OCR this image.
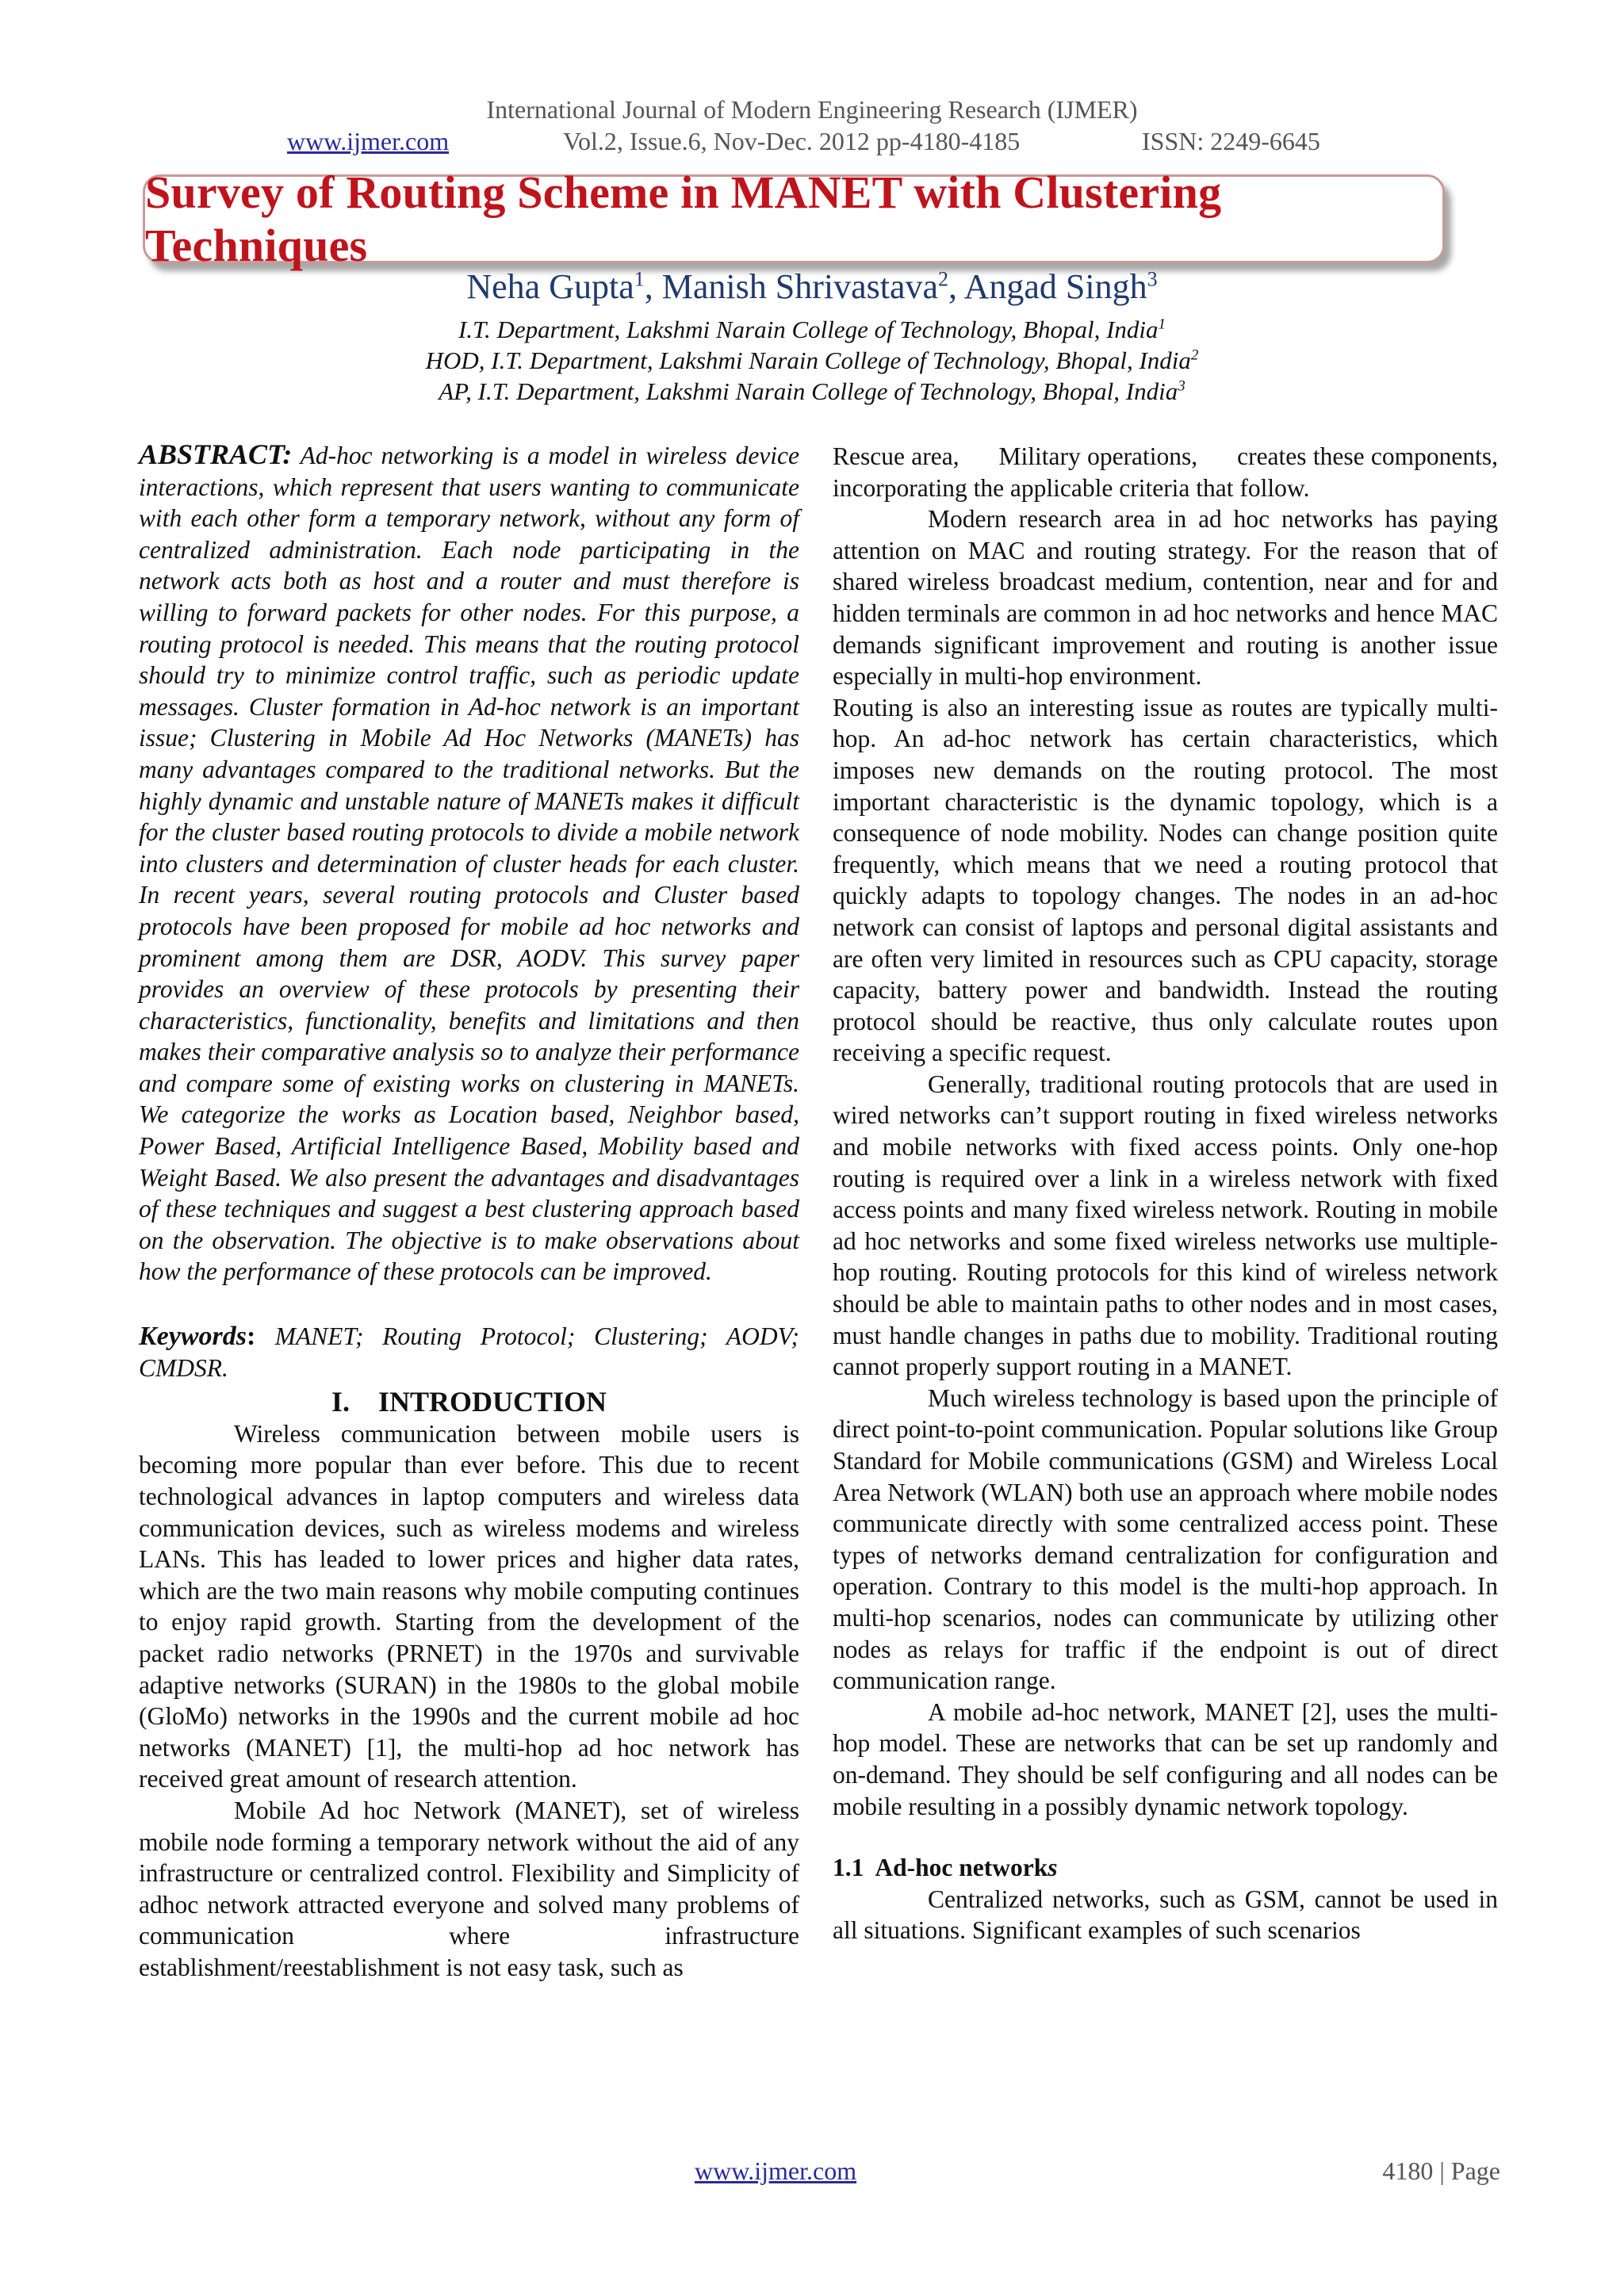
International Journal of Modern Engineering Research (IJMER)
www.ijmer.com	Vol.2, Issue.6, Nov-Dec. 2012 pp-4180-4185	ISSN: 2249-6645
Survey of Routing Scheme in MANET with Clustering Techniques
Neha Gupta$^1$, Manish Shrivastava$^2$, Angad Singh$^3$
I.T. Department, Lakshmi Narain College of Technology, Bhopal, India$^1$
HOD, I.T. Department, Lakshmi Narain College of Technology, Bhopal, India$^2$
AP, I.T. Department, Lakshmi Narain College of Technology, Bhopal, India$^3$

ABSTRACT: Ad-hoc networking is a model in wireless device interactions, which represent that users wanting to communicate with each other form a temporary network, without any form of centralized administration. Each node participating in the network acts both as host and a router and must therefore is willing to forward packets for other nodes. For this purpose, a routing protocol is needed. This means that the routing protocol should try to minimize control traffic, such as periodic update messages. Cluster formation in Ad-hoc network is an important issue; Clustering in Mobile Ad Hoc Networks (MANETs) has many advantages compared to the traditional networks. But the highly dynamic and unstable nature of MANETs makes it difficult for the cluster based routing protocols to divide a mobile network into clusters and determination of cluster heads for each cluster. In recent years, several routing protocols and Cluster based protocols have been proposed for mobile ad hoc networks and prominent among them are DSR, AODV. This survey paper provides an overview of these protocols by presenting their characteristics, functionality, benefits and limitations and then makes their comparative analysis so to analyze their performance and compare some of existing works on clustering in MANETs. We categorize the works as Location based, Neighbor based, Power Based, Artificial Intelligence Based, Mobility based and Weight Based. We also present the advantages and disadvantages of these techniques and suggest a best clustering approach based on the observation. The objective is to make observations about how the performance of these protocols can be improved.

Keywords: MANET; Routing Protocol; Clustering; AODV; CMDSR.

I.    INTRODUCTION

Wireless communication between mobile users is becoming more popular than ever before. This due to recent technological advances in laptop computers and wireless data communication devices, such as wireless modems and wireless LANs. This has leaded to lower prices and higher data rates, which are the two main reasons why mobile computing continues to enjoy rapid growth. Starting from the development of the packet radio networks (PRNET) in the 1970s and survivable adaptive networks (SURAN) in the 1980s to the global mobile (GloMo) networks in the 1990s and the current mobile ad hoc networks (MANET) [1], the multi-hop ad hoc network has received great amount of research attention.

Mobile Ad hoc Network (MANET), set of wireless mobile node forming a temporary network without the aid of any infrastructure or centralized control. Flexibility and Simplicity of adhoc network attracted everyone and solved many problems of communication where infrastructure establishment/reestablishment is not easy task, such as

Rescue area,      Military operations,      creates these components, incorporating the applicable criteria that follow.

Modern research area in ad hoc networks has paying attention on MAC and routing strategy. For the reason that of shared wireless broadcast medium, contention, near and for and hidden terminals are common in ad hoc networks and hence MAC demands significant improvement and routing is another issue especially in multi-hop environment.

Routing is also an interesting issue as routes are typically multi-hop. An ad-hoc network has certain characteristics, which imposes new demands on the routing protocol. The most important characteristic is the dynamic topology, which is a consequence of node mobility. Nodes can change position quite frequently, which means that we need a routing protocol that quickly adapts to topology changes. The nodes in an ad-hoc network can consist of laptops and personal digital assistants and are often very limited in resources such as CPU capacity, storage capacity, battery power and bandwidth. Instead the routing protocol should be reactive, thus only calculate routes upon receiving a specific request.

Generally, traditional routing protocols that are used in wired networks can’t support routing in fixed wireless networks and mobile networks with fixed access points. Only one-hop routing is required over a link in a wireless network with fixed access points and many fixed wireless network. Routing in mobile ad hoc networks and some fixed wireless networks use multiple-hop routing. Routing protocols for this kind of wireless network should be able to maintain paths to other nodes and in most cases, must handle changes in paths due to mobility. Traditional routing cannot properly support routing in a MANET.

Much wireless technology is based upon the principle of direct point-to-point communication. Popular solutions like Group Standard for Mobile communications (GSM) and Wireless Local Area Network (WLAN) both use an approach where mobile nodes communicate directly with some centralized access point. These types of networks demand centralization for configuration and operation. Contrary to this model is the multi-hop approach. In multi-hop scenarios, nodes can communicate by utilizing other nodes as relays for traffic if the endpoint is out of direct communication range.

A mobile ad-hoc network, MANET [2], uses the multi-hop model. These are networks that can be set up randomly and on-demand. They should be self configuring and all nodes can be mobile resulting in a possibly dynamic network topology.

1.1  Ad-hoc networks

Centralized networks, such as GSM, cannot be used in all situations. Significant examples of such scenarios

www.ijmer.com	4180 | Page
